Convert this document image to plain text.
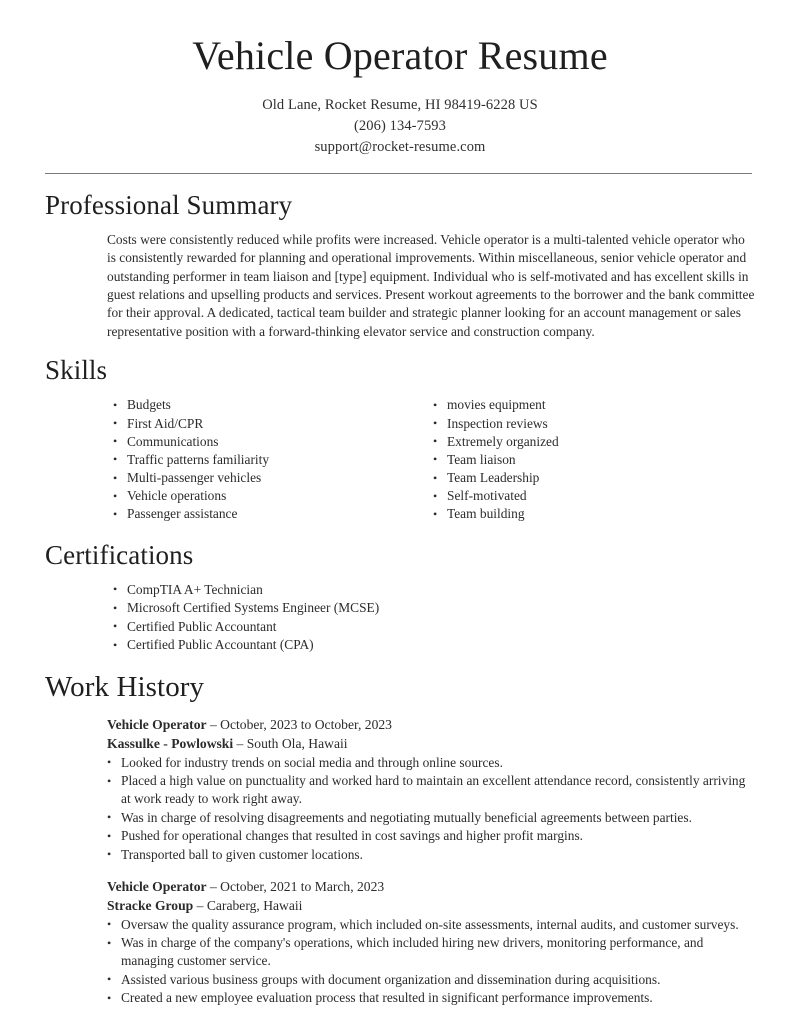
Vehicle Operator Resume
Old Lane, Rocket Resume, HI 98419-6228 US
(206) 134-7593
support@rocket-resume.com
Professional Summary

Costs were consistently reduced while profits were increased. Vehicle operator is a multi-talented vehicle operator who is consistently rewarded for planning and operational improvements. Within miscellaneous, senior vehicle operator and outstanding performer in team liaison and [type] equipment. Individual who is self-motivated and has excellent skills in guest relations and upselling products and services. Present workout agreements to the borrower and the bank committee for their approval. A dedicated, tactical team builder and strategic planner looking for an account management or sales representative position with a forward-thinking elevator service and construction company.

Skills
• Budgets
• First Aid/CPR
• Communications
• Traffic patterns familiarity
• Multi-passenger vehicles
• Vehicle operations
• Passenger assistance
• movies equipment
• Inspection reviews
• Extremely organized
• Team liaison
• Team Leadership
• Self-motivated
• Team building
Certifications
• CompTIA A+ Technician
• Microsoft Certified Systems Engineer (MCSE)
• Certified Public Accountant
• Certified Public Accountant (CPA)
Work History
Vehicle Operator – October, 2023 to October, 2023
Kassulke - Powlowski – South Ola, Hawaii
• Looked for industry trends on social media and through online sources.
• Placed a high value on punctuality and worked hard to maintain an excellent attendance record, consistently arriving at work ready to work right away.
• Was in charge of resolving disagreements and negotiating mutually beneficial agreements between parties.
• Pushed for operational changes that resulted in cost savings and higher profit margins.
• Transported ball to given customer locations.
Vehicle Operator – October, 2021 to March, 2023
Stracke Group – Caraberg, Hawaii
• Oversaw the quality assurance program, which included on-site assessments, internal audits, and customer surveys.
• Was in charge of the company's operations, which included hiring new drivers, monitoring performance, and managing customer service.
• Assisted various business groups with document organization and dissemination during acquisitions.
• Created a new employee evaluation process that resulted in significant performance improvements.
